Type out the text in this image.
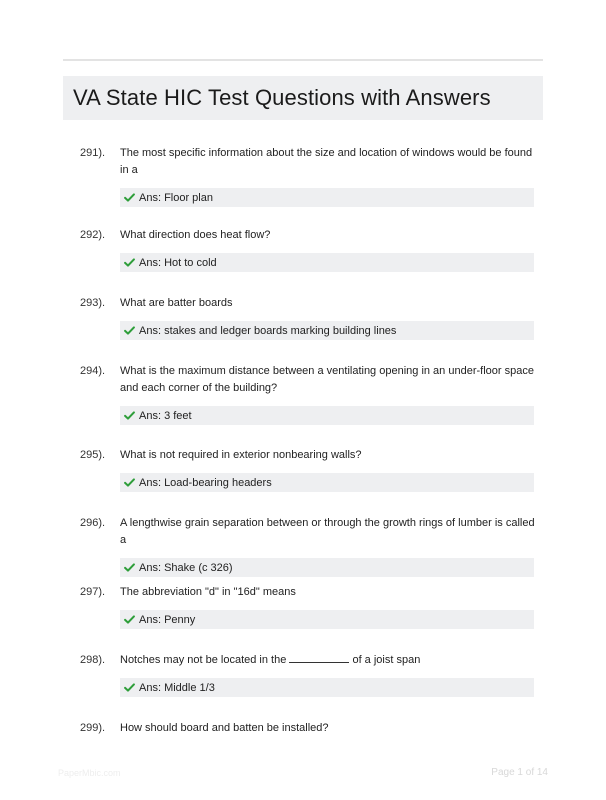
VA State HIC Test Questions with Answers
291).	The most specific information about the size and location of windows would be found in a
Ans: Floor plan
292).	What direction does heat flow?
Ans: Hot to cold
293).	What are batter boards
Ans: stakes and ledger boards marking building lines
294).	What is the maximum distance between a ventilating opening in an under-floor space and each corner of the building?
Ans: 3 feet
295).	What is not required in exterior nonbearing walls?
Ans: Load-bearing headers
296).	A lengthwise grain separation between or through the growth rings of lumber is called a
Ans: Shake (c 326)
297).	The abbreviation "d" in "16d" means
Ans: Penny
298).	Notches may not be located in the	of a joist span
Ans: Middle 1/3
299).	How should board and batten be installed?
PaperMbic.com	Page 1 of 14
